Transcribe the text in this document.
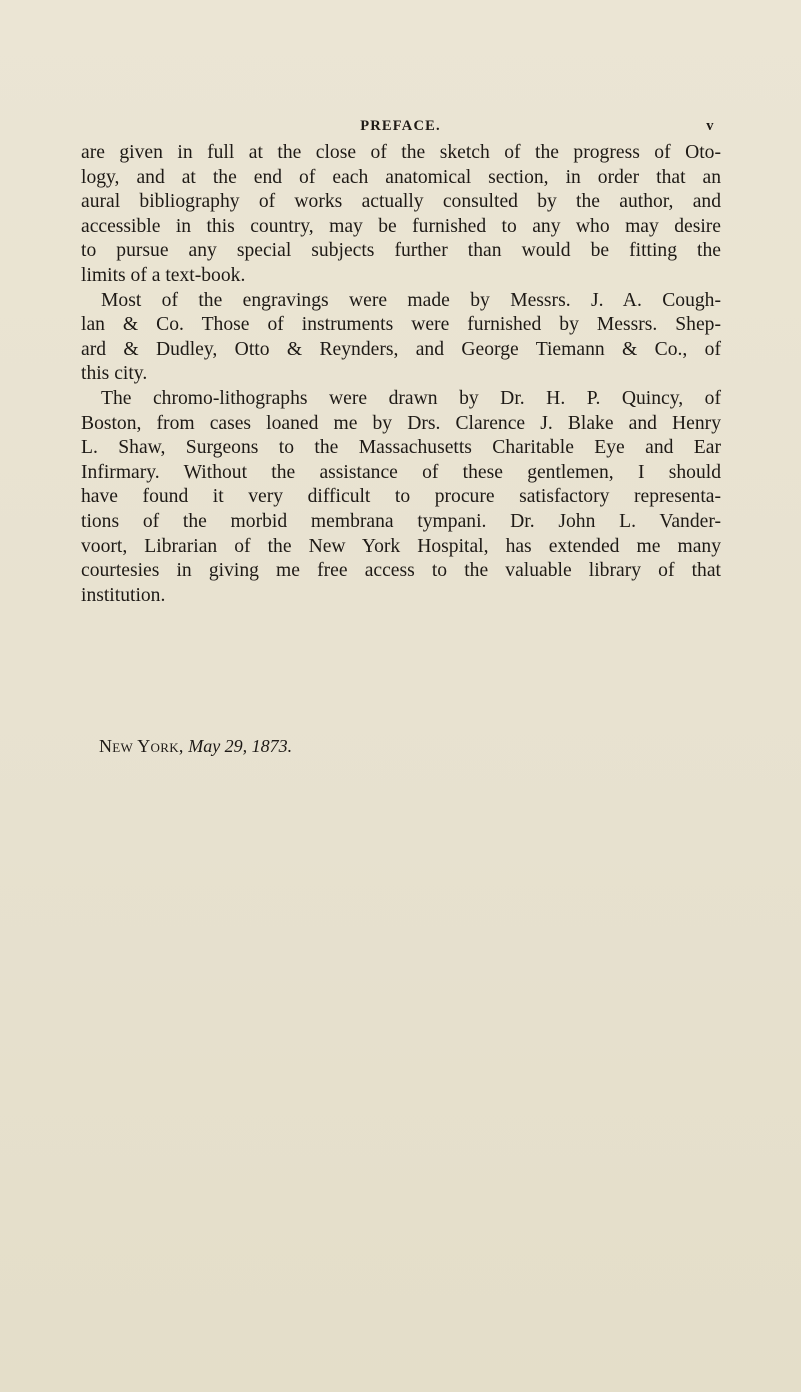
PREFACE.	v
are given in full at the close of the sketch of the progress of Oto-
logy, and at the end of each anatomical section, in order that an
aural bibliography of works actually consulted by the author, and
accessible in this country, may be furnished to any who may desire
to pursue any special subjects further than would be fitting the
limits of a text-book.
Most of the engravings were made by Messrs. J. A. Cough-
lan & Co. Those of instruments were furnished by Messrs. Shep-
ard & Dudley, Otto & Reynders, and George Tiemann & Co., of
this city.
The chromo-lithographs were drawn by Dr. H. P. Quincy, of
Boston, from cases loaned me by Drs. Clarence J. Blake and Henry
L. Shaw, Surgeons to the Massachusetts Charitable Eye and Ear
Infirmary. Without the assistance of these gentlemen, I should
have found it very difficult to procure satisfactory representa-
tions of the morbid membrana tympani. Dr. John L. Vander-
voort, Librarian of the New York Hospital, has extended me many
courtesies in giving me free access to the valuable library of that
institution.
New York, May 29, 1873.
